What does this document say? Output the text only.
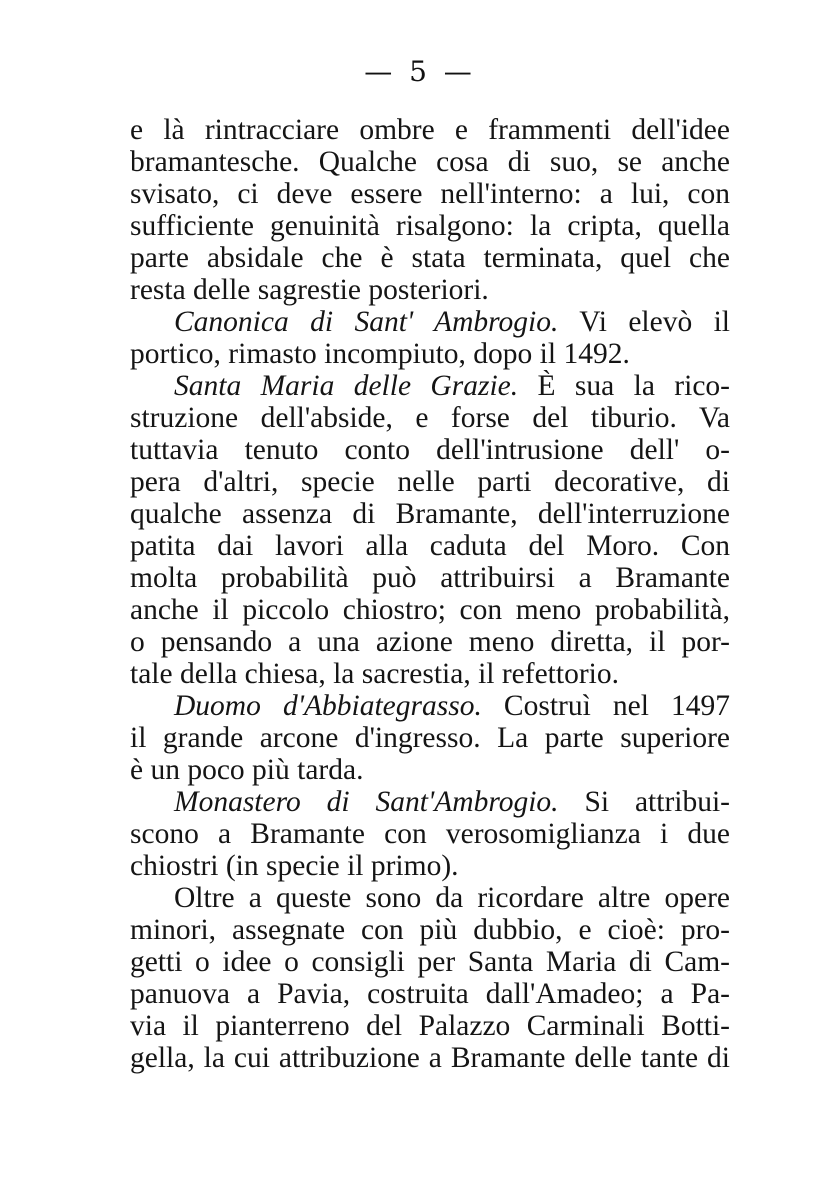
— 5 —
e là rintracciare ombre e frammenti dell'idee
bramantesche. Qualche cosa di suo, se anche
svisato, ci deve essere nell'interno: a lui, con
sufficiente genuinità risalgono: la cripta, quella
parte absidale che è stata terminata, quel che
resta delle sagrestie posteriori.
Canonica di Sant' Ambrogio. Vi elevò il
portico, rimasto incompiuto, dopo il 1492.
Santa Maria delle Grazie. È sua la rico-
struzione dell'abside, e forse del tiburio. Va
tuttavia tenuto conto dell'intrusione dell' o-
pera d'altri, specie nelle parti decorative, di
qualche assenza di Bramante, dell'interruzione
patita dai lavori alla caduta del Moro. Con
molta probabilità può attribuirsi a Bramante
anche il piccolo chiostro; con meno probabilità,
o pensando a una azione meno diretta, il por-
tale della chiesa, la sacrestia, il refettorio.
Duomo d'Abbiategrasso. Costruì nel 1497
il grande arcone d'ingresso. La parte superiore
è un poco più tarda.
Monastero di Sant'Ambrogio. Si attribui-
scono a Bramante con verosomiglianza i due
chiostri (in specie il primo).
Oltre a queste sono da ricordare altre opere
minori, assegnate con più dubbio, e cioè: pro-
getti o idee o consigli per Santa Maria di Cam-
panuova a Pavia, costruita dall'Amadeo; a Pa-
via il pianterreno del Palazzo Carminali Botti-
gella, la cui attribuzione a Bramante delle tante di
